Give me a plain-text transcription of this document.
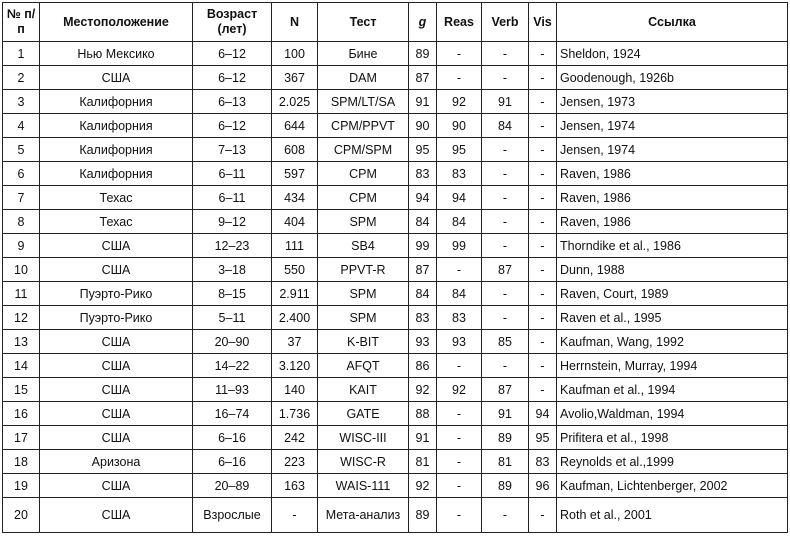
№ п/п	Местоположение	Возраст (лет)	N	Тест	g	Reas	Verb	Vis	Ссылка
1	Нью Мексико	6–12	100	Бине	89	-	-	-	Sheldon, 1924
2	США	6–12	367	DAM	87	-	-	-	Goodenough, 1926b
3	Калифорния	6–13	2.025	SPM/LT/SA	91	92	91	-	Jensen, 1973
4	Калифорния	6–12	644	CPM/PPVT	90	90	84	-	Jensen, 1974
5	Калифорния	7–13	608	CPM/SPM	95	95	-	-	Jensen, 1974
6	Калифорния	6–11	597	CPM	83	83	-	-	Raven, 1986
7	Техас	6–11	434	CPM	94	94	-	-	Raven, 1986
8	Техас	9–12	404	SPM	84	84	-	-	Raven, 1986
9	США	12–23	111	SB4	99	99	-	-	Thorndike et al., 1986
10	США	3–18	550	PPVT-R	87	-	87	-	Dunn, 1988
11	Пуэрто-Рико	8–15	2.911	SPM	84	84	-	-	Raven, Court, 1989
12	Пуэрто-Рико	5–11	2.400	SPM	83	83	-	-	Raven et al., 1995
13	США	20–90	37	K-BIT	93	93	85	-	Kaufman, Wang, 1992
14	США	14–22	3.120	AFQT	86	-	-	-	Herrnstein, Murray, 1994
15	США	11–93	140	KAIT	92	92	87	-	Kaufman et al., 1994
16	США	16–74	1.736	GATE	88	-	91	94	Avolio,Waldman, 1994
17	США	6–16	242	WISC-III	91	-	89	95	Prifitera et al., 1998
18	Аризона	6–16	223	WISC-R	81	-	81	83	Reynolds et al.,1999
19	США	20–89	163	WAIS-111	92	-	89	96	Kaufman, Lichtenberger, 2002
20	США	Взрослые	-	Мета-анализ	89	-	-	-	Roth et al., 2001
